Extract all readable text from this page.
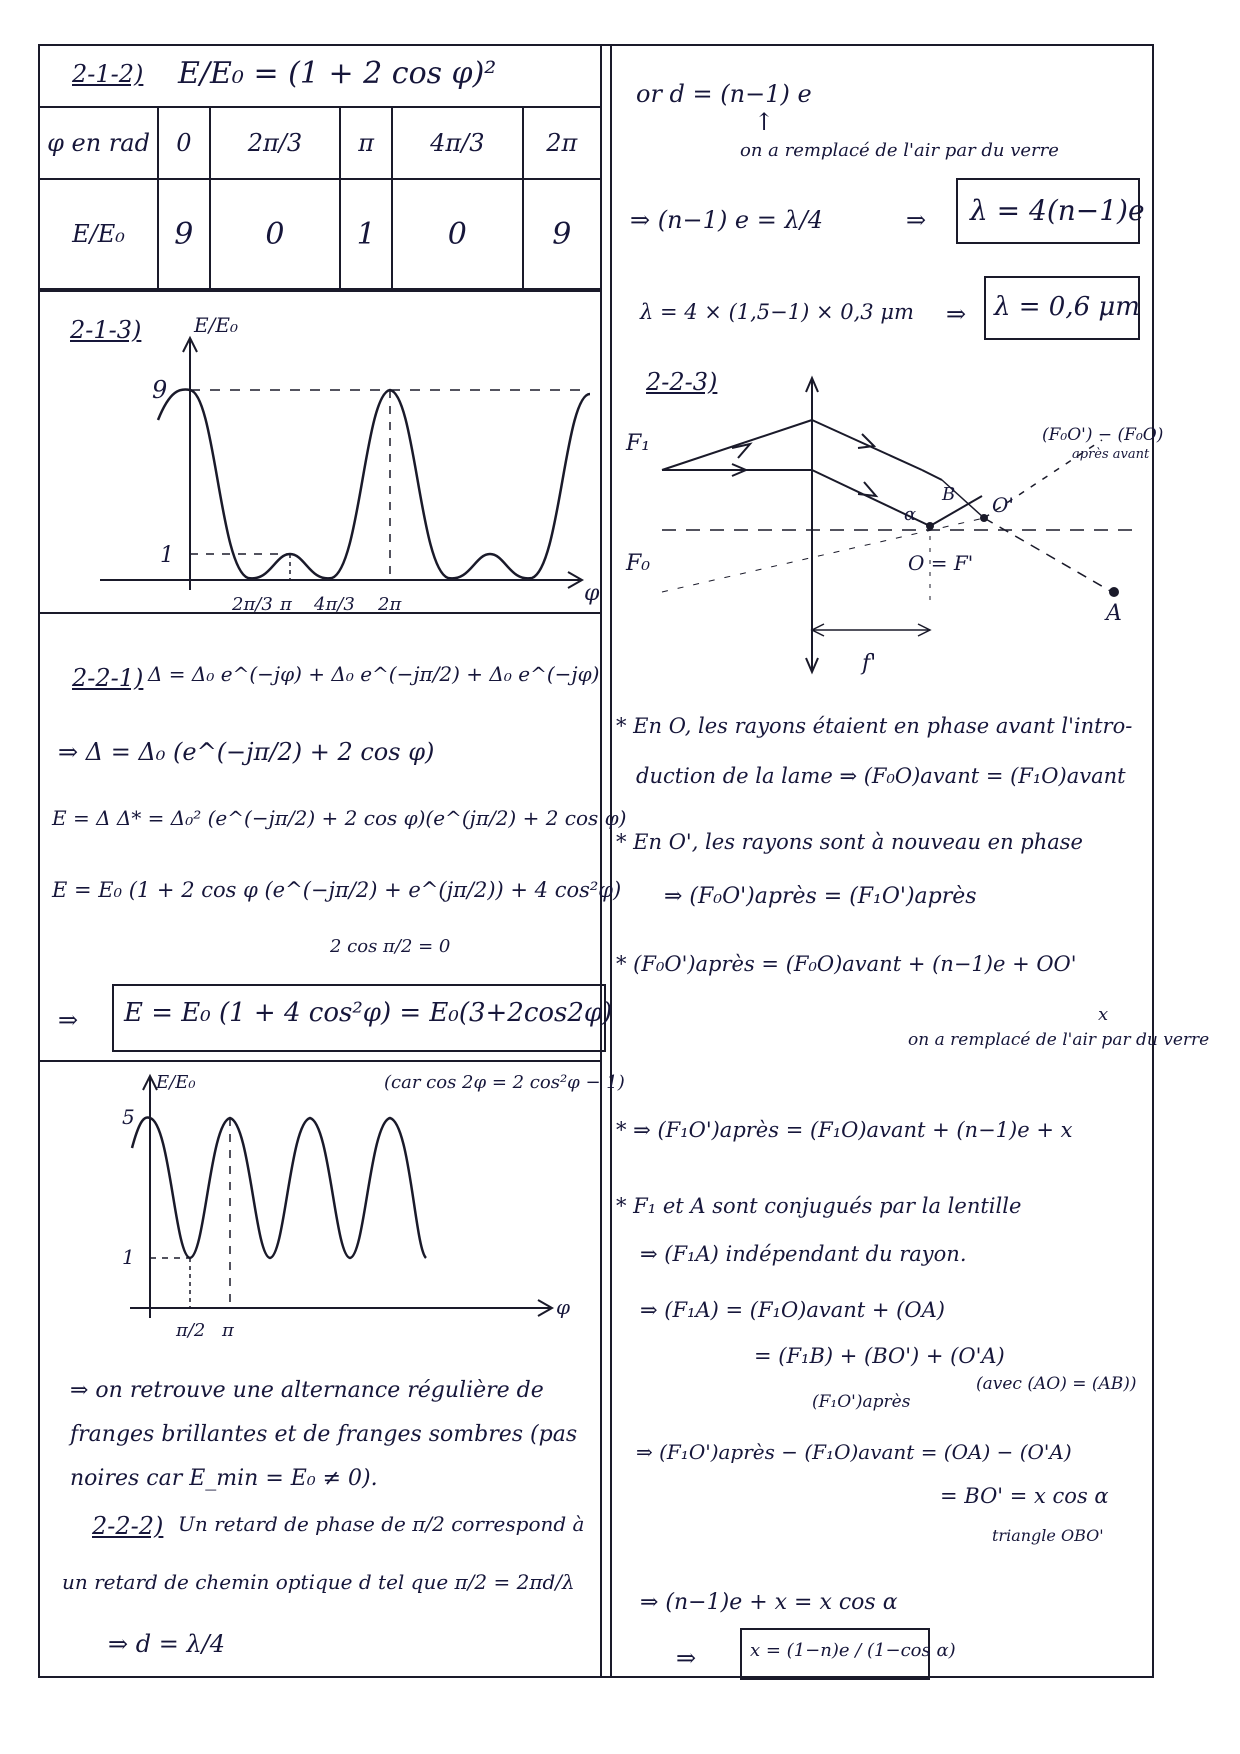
2-1-2) E/E₀ = (1 + 2 cos φ)²
φ en rad	0	2π/3	π	4π/3	2π
E/E₀	9	0	1	0	9
2-1-3)	E/E₀
9
1
2π/3 π 4π/3 2π	φ
2-2-1) Δ = Δ₀ e^(−jφ) + Δ₀ e^(−jπ/2) + Δ₀ e^(−jφ)
⇒ Δ = Δ₀ (e^(−jπ/2) + 2 cos φ)
E = Δ Δ* = Δ₀² (e^(−jπ/2) + 2 cos φ)(e^(jπ/2) + 2 cos φ)
E = E₀ (1 + 2 cos φ (e^(−jπ/2) + e^(jπ/2)) + 4 cos²φ)
2 cos π/2 = 0
⇒ E = E₀ (1 + 4 cos²φ) = E₀(3+2cos2φ)
(car cos 2φ = 2 cos²φ − 1)
E/E₀
5
1
π/2 π
φ
⇒ on retrouve une alternance régulière de
franges brillantes et de franges sombres (pas
noires car E_min = E₀ ≠ 0).
2-2-2) Un retard de phase de π/2 correspond à
un retard de chemin optique d tel que π/2 = 2πd/λ
⇒ d = λ/4
or d = (n−1) e
↑
on a remplacé de l'air par du verre
⇒ (n−1) e = λ/4	⇒ λ = 4(n−1)e
λ = 4 × (1,5−1) × 0,3 μm ⇒ λ = 0,6 μm
2-2-3)
F₁
F₀
B O'
O = F'
A
α
f'
(F₀O') − (F₀O)
après avant
* En O, les rayons étaient en phase avant l'intro-
duction de la lame ⇒ (F₀O)avant = (F₁O)avant
* En O', les rayons sont à nouveau en phase
⇒ (F₀O')après = (F₁O')après
* (F₀O')après = (F₀O)avant + (n−1)e + OO'
on a remplacé de l'air par du verre
x
* ⇒ (F₁O')après = (F₁O)avant + (n−1)e + x
* F₁ et A sont conjugués par la lentille
⇒ (F₁A) indépendant du rayon.
⇒ (F₁A) = (F₁O)avant + (OA)
= (F₁B) + (BO') + (O'A)
(F₁O')après
(avec (AO) = (AB))
⇒ (F₁O')après − (F₁O)avant = (OA) − (O'A)
= BO' = x cos α
triangle OBO'
⇒ (n−1)e + x = x cos α
⇒	x = (1−n)e / (1−cos α)
